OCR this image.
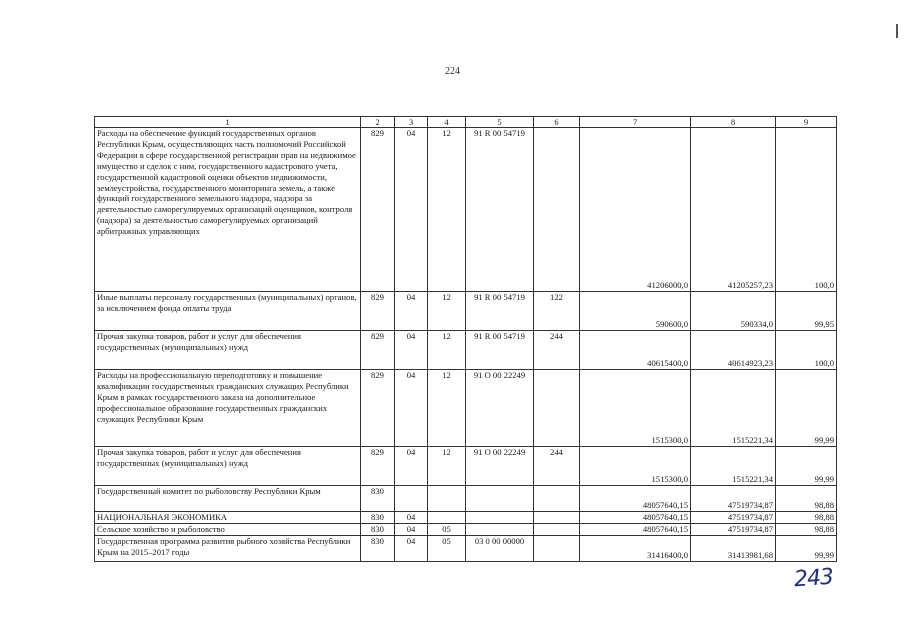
224
1	2	3	4	5	6	7	8	9
Расходы на обеспечение функций государственных органов Республики Крым, осуществляющих часть полномочий Российской Федерации в сфере государственной регистрации прав на недвижимое имущество и сделок с ним, государственного кадастрового учета, государственной кадастровой оценки объектов недвижимости, землеустройства, государственного мониторинга земель, а также функций государственного земельного надзора, надзора за деятельностью саморегулируемых организаций оценщиков, контроля (надзора) за деятельностью саморегулируемых организаций арбитражных управляющих	829	04	12	91 R 00 54719		41206000,0	41205257,23	100,0
Иные выплаты персоналу государственных (муниципальных) органов, за исключением фонда оплаты труда	829	04	12	91 R 00 54719	122	590600,0	590334,0	99,95
Прочая закупка товаров, работ и услуг для обеспечения государственных (муниципальных) нужд	829	04	12	91 R 00 54719	244	40615400,0	40614923,23	100,0
Расходы на профессиональную переподготовку и повышение квалификации государственных гражданских служащих Республики Крым в рамках государственного заказа на дополнительное профессиональное образование государственных гражданских служащих Республики Крым	829	04	12	91 О 00 22249		1515300,0	1515221,34	99,99
Прочая закупка товаров, работ и услуг для обеспечения государственных (муниципальных) нужд	829	04	12	91 О 00 22249	244	1515300,0	1515221,34	99,99
Государственный комитет по рыболовству Республики Крым	830					48057640,15	47519734,87	98,88
НАЦИОНАЛЬНАЯ ЭКОНОМИКА	830	04				48057640,15	47519734,87	98,88
Сельское хозяйство и рыболовство	830	04	05			48057640,15	47519734,87	98,88
Государственная программа развития рыбного хозяйства Республики Крым на 2015–2017 годы	830	04	05	03 0 00 00000		31416400,0	31413981,68	99,99
243
